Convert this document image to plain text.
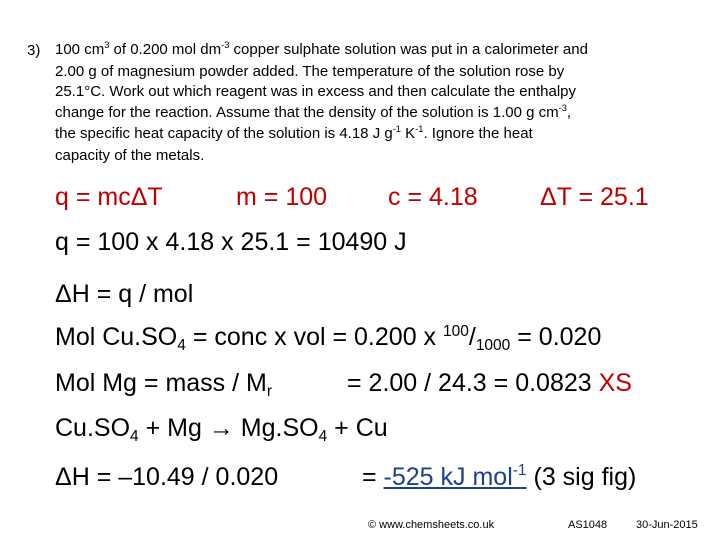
3) 100 $cm^3$ of 0.200 mol $dm^{-3}$ copper sulphate solution was put in a calorimeter and
2.00 g of magnesium powder added. The temperature of the solution rose by
25.1°C. Work out which reagent was in excess and then calculate the enthalpy
change for the reaction. Assume that the density of the solution is 1.00 g $cm^{-3}$,
the specific heat capacity of the solution is 4.18 J $g^{-1}$ $K^{-1}$. Ignore the heat
capacity of the metals.
q = mcΔT	m = 100 c = 4.18 ΔT = 25.1
q = 100 x 4.18 x 25.1 = 10490 J
ΔH = q / mol
Mol $Cu.SO_4$ = conc x vol = 0.200 x $^{100}$/1000 = 0.020
Mol Mg = mass / $M_r$	= 2.00 / 24.3 = 0.0823 XS
$Cu.SO_4 + Mg \to Mg.SO_4 + Cu$
ΔH = –10.49 / 0.020	= -525 kJ mol$^{-1}$ (3 sig fig)
© www.chemsheets.co.uk	AS1048	30-Jun-2015
